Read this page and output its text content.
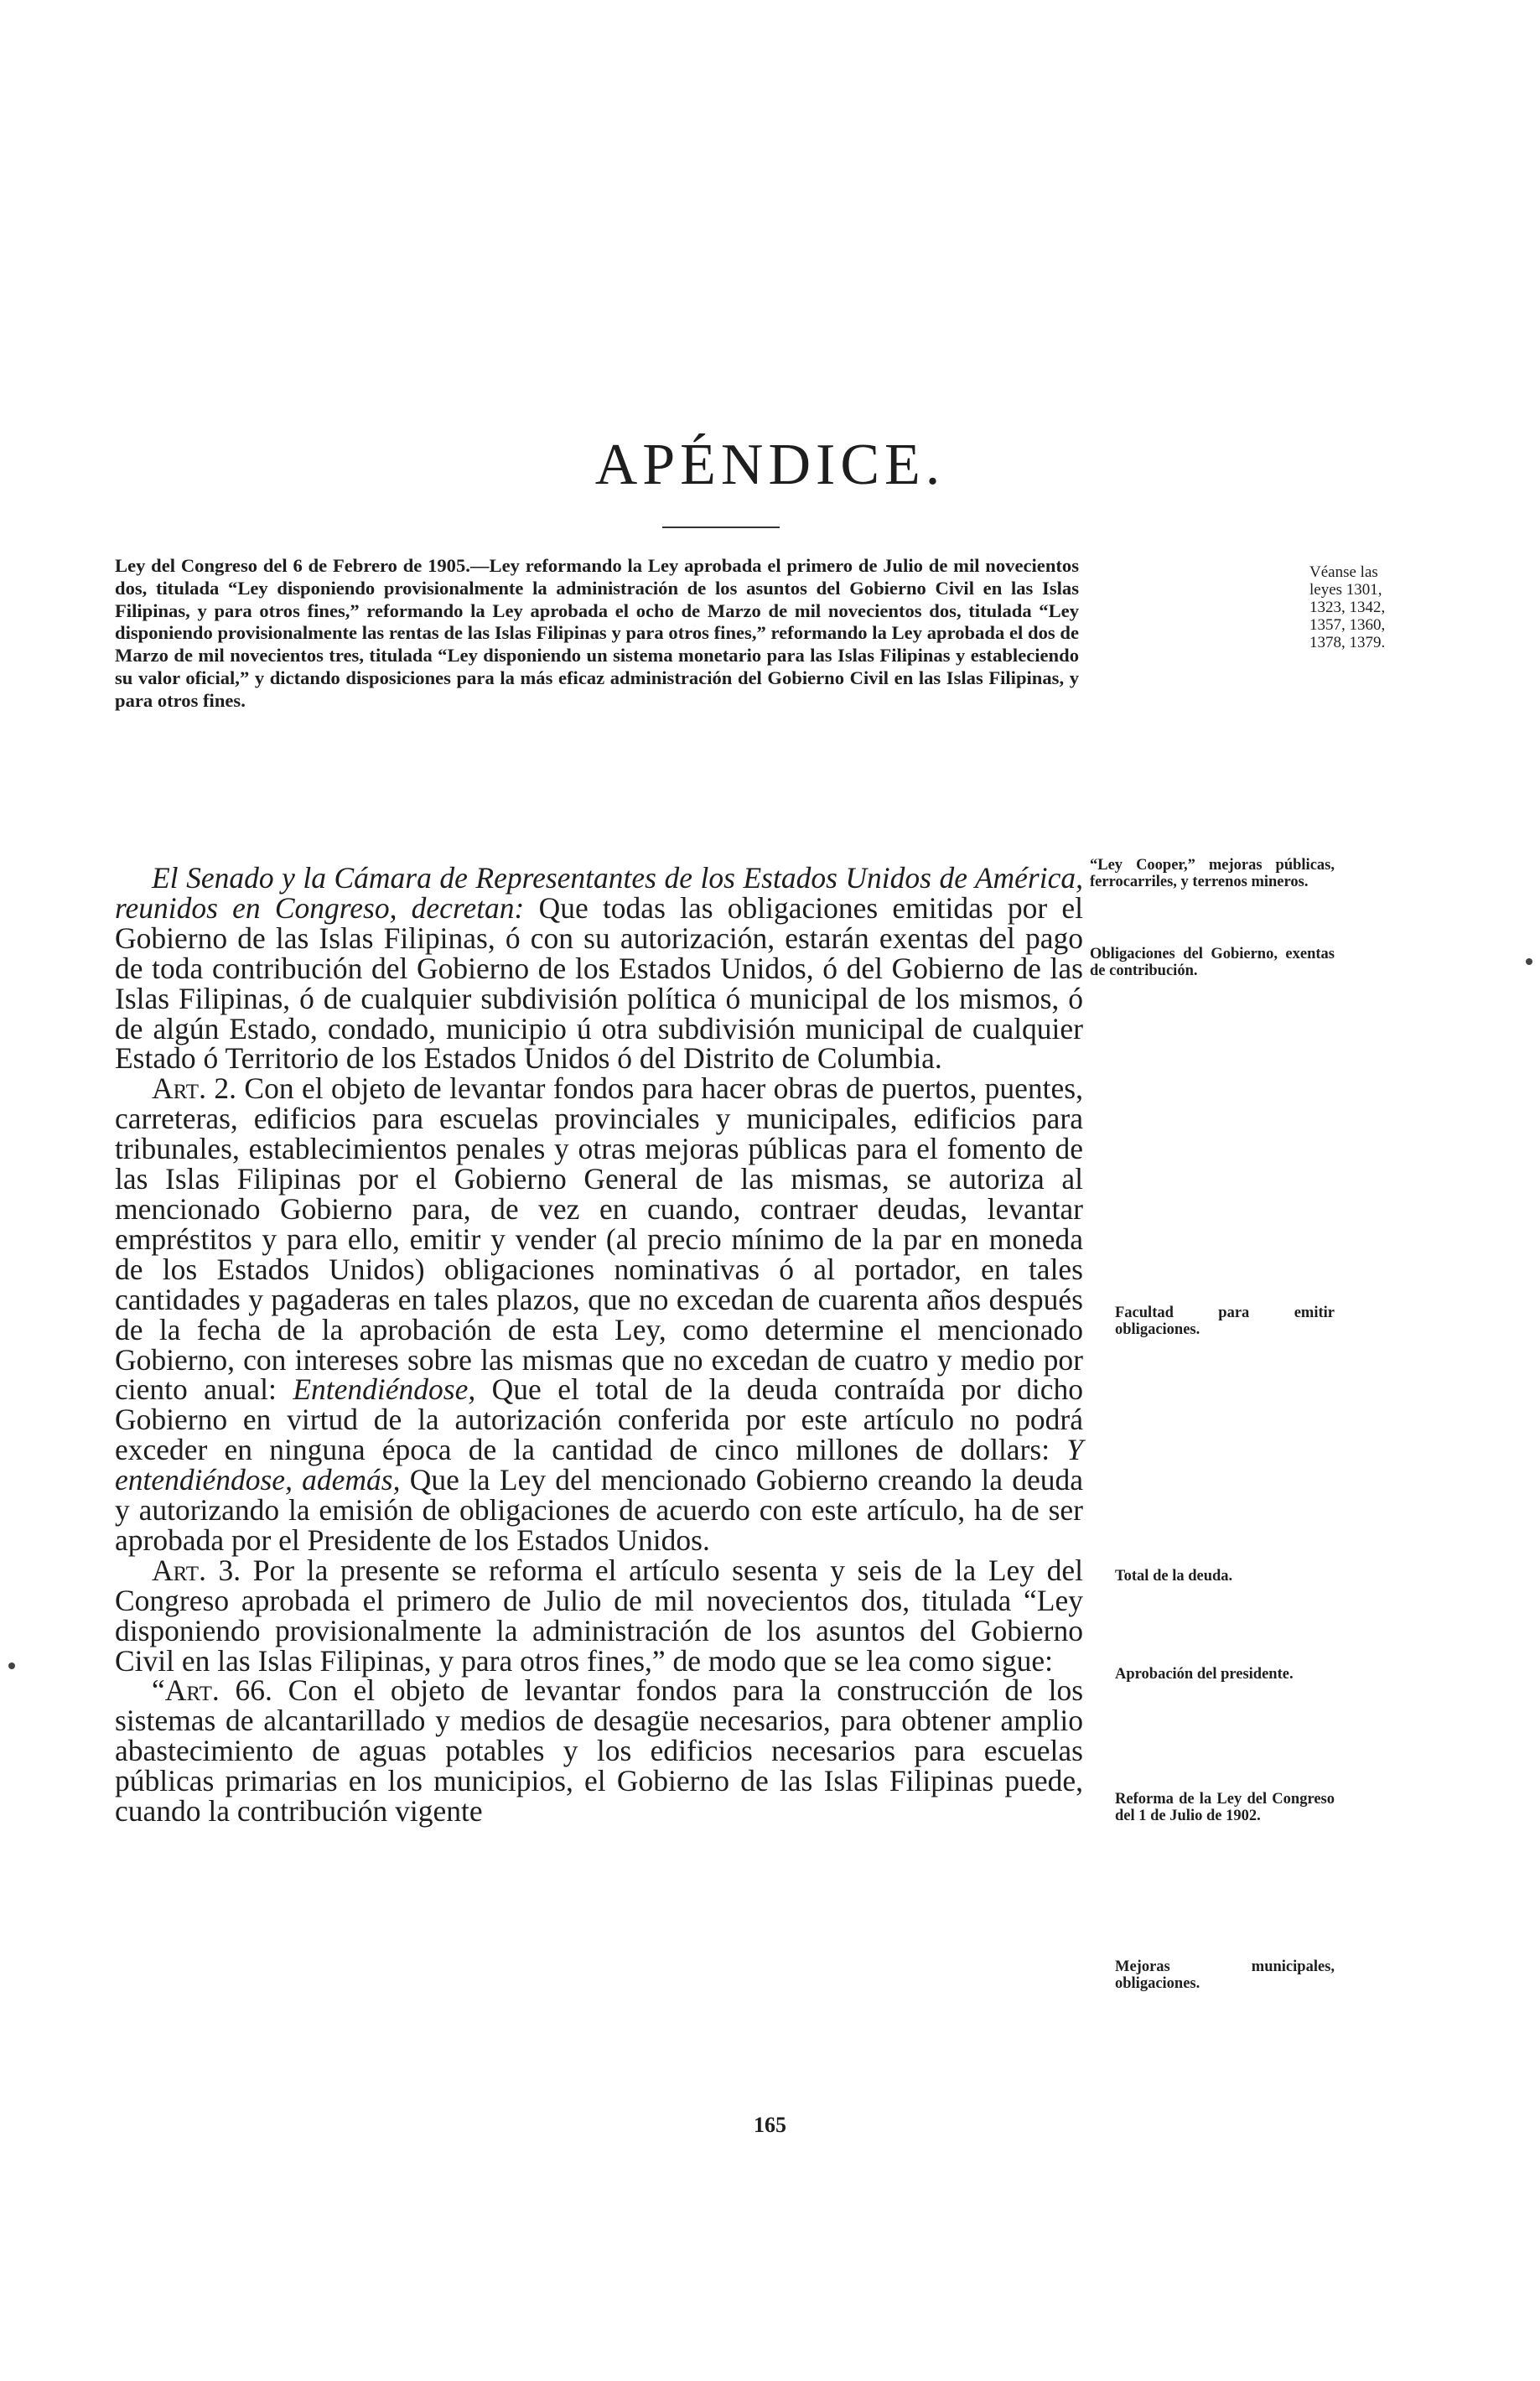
APÉNDICE.
Ley del Congreso del 6 de Febrero de 1905.—Ley reformando la Ley aprobada el primero de Julio de mil novecientos dos, titulada “Ley disponiendo provisionalmente la administración de los asuntos del Gobierno Civil en las Islas Filipinas, y para otros fines,” reformando la Ley aprobada el ocho de Marzo de mil novecientos dos, titulada “Ley disponiendo provisionalmente las rentas de las Islas Filipinas y para otros fines,” reformando la Ley aprobada el dos de Marzo de mil novecientos tres, titulada “Ley disponiendo un sistema monetario para las Islas Filipinas y estableciendo su valor oficial,” y dictando disposiciones para la más eficaz administración del Gobierno Civil en las Islas Filipinas, y para otros fines.
Véanse las leyes 1301, 1323, 1342, 1357, 1360, 1378, 1379.

El Senado y la Cámara de Representantes de los Estados Unidos de América, reunidos en Congreso, decretan: Que todas las obligaciones emitidas por el Gobierno de las Islas Filipinas, ó con su autorización, estarán exentas del pago de toda contribución del Gobierno de los Estados Unidos, ó del Gobierno de las Islas Filipinas, ó de cualquier subdivisión política ó municipal de los mismos, ó de algún Estado, condado, municipio ú otra subdivisión municipal de cualquier Estado ó Territorio de los Estados Unidos ó del Distrito de Columbia.

Art. 2. Con el objeto de levantar fondos para hacer obras de puertos, puentes, carreteras, edificios para escuelas provinciales y municipales, edificios para tribunales, establecimientos penales y otras mejoras públicas para el fomento de las Islas Filipinas por el Gobierno General de las mismas, se autoriza al mencionado Gobierno para, de vez en cuando, contraer deudas, levantar empréstitos y para ello, emitir y vender (al precio mínimo de la par en moneda de los Estados Unidos) obligaciones nominativas ó al portador, en tales cantidades y pagaderas en tales plazos, que no excedan de cuarenta años después de la fecha de la aprobación de esta Ley, como determine el mencionado Gobierno, con intereses sobre las mismas que no excedan de cuatro y medio por ciento anual: Entendiéndose, Que el total de la deuda contraída por dicho Gobierno en virtud de la autorización conferida por este artículo no podrá exceder en ninguna época de la cantidad de cinco millones de dollars: Y entendiéndose, además, Que la Ley del mencionado Gobierno creando la deuda y autorizando la emisión de obligaciones de acuerdo con este artículo, ha de ser aprobada por el Presidente de los Estados Unidos.

Art. 3. Por la presente se reforma el artículo sesenta y seis de la Ley del Congreso aprobada el primero de Julio de mil novecientos dos, titulada “Ley disponiendo provisionalmente la administración de los asuntos del Gobierno Civil en las Islas Filipinas, y para otros fines,” de modo que se lea como sigue:

“Art. 66. Con el objeto de levantar fondos para la construcción de los sistemas de alcantarillado y medios de desagüe necesarios, para obtener amplio abastecimiento de aguas potables y los edificios necesarios para escuelas públicas primarias en los municipios, el Gobierno de las Islas Filipinas puede, cuando la contribución vigente

“Ley Cooper,” mejoras públicas, ferrocarriles, y terrenos mineros.
Obligaciones del Gobierno, exentas de contribución.
Facultad para emitir obligaciones.
Total de la deuda.
Aprobación del presidente.
Reforma de la Ley del Congreso del 1 de Julio de 1902.
Mejoras municipales, obligaciones.
165
